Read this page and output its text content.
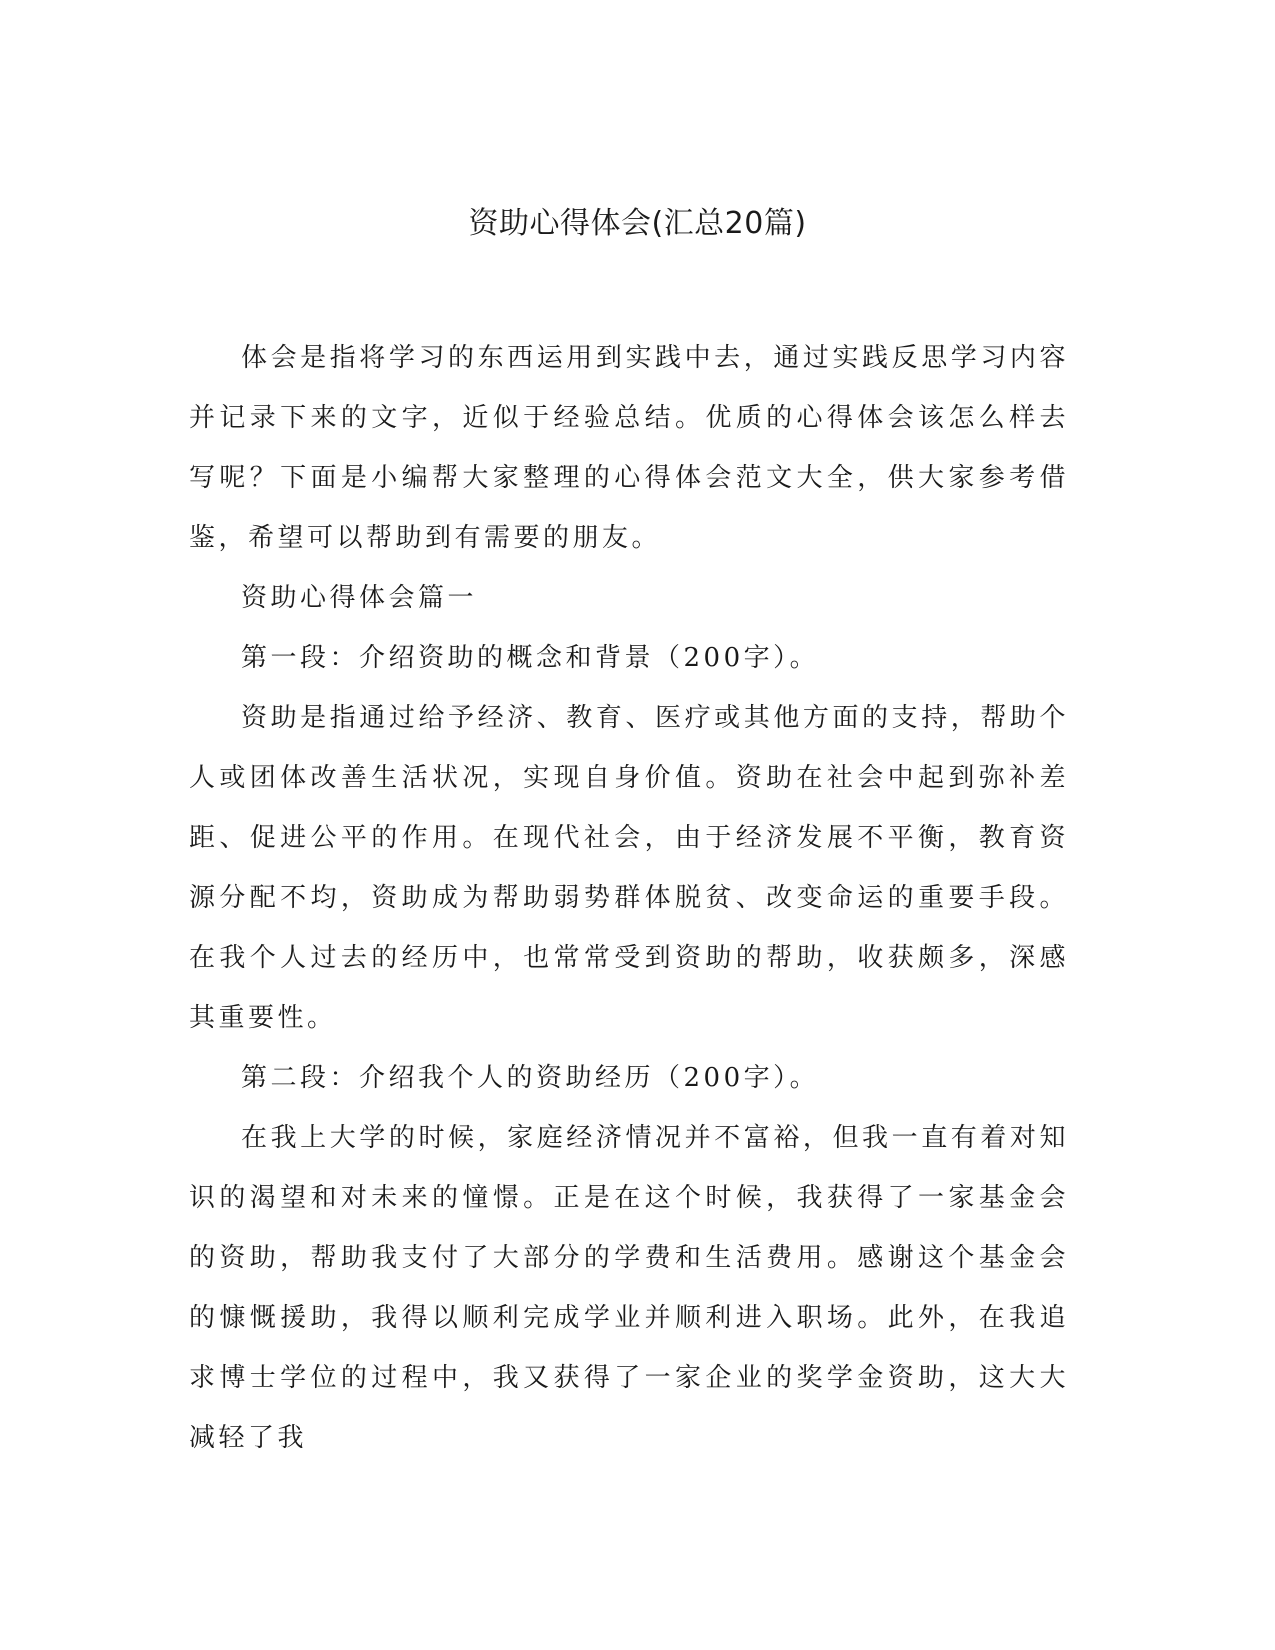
资助心得体会(汇总20篇)

体会是指将学习的东西运用到实践中去，通过实践反思学习内容并记录下来的文字，近似于经验总结。优质的心得体会该怎么样去写呢？下面是小编帮大家整理的心得体会范文大全，供大家参考借鉴，希望可以帮助到有需要的朋友。

资助心得体会篇一

第一段：介绍资助的概念和背景（200字）。

资助是指通过给予经济、教育、医疗或其他方面的支持，帮助个人或团体改善生活状况，实现自身价值。资助在社会中起到弥补差距、促进公平的作用。在现代社会，由于经济发展不平衡，教育资源分配不均，资助成为帮助弱势群体脱贫、改变命运的重要手段。在我个人过去的经历中，也常常受到资助的帮助，收获颇多，深感其重要性。

第二段：介绍我个人的资助经历（200字）。

在我上大学的时候，家庭经济情况并不富裕，但我一直有着对知识的渴望和对未来的憧憬。正是在这个时候，我获得了一家基金会的资助，帮助我支付了大部分的学费和生活费用。感谢这个基金会的慷慨援助，我得以顺利完成学业并顺利进入职场。此外，在我追求博士学位的过程中，我又获得了一家企业的奖学金资助，这大大减轻了我
